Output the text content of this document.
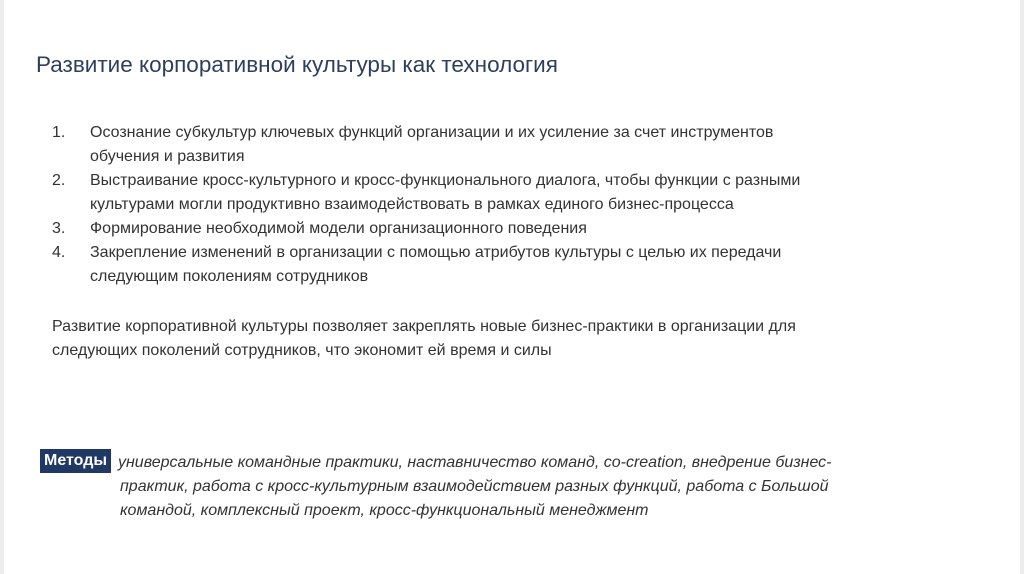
Развитие корпоративной культуры как технология
1. Осознание субкультур ключевых функций организации и их усиление за счет инструментов
обучения и развития
2. Выстраивание кросс-культурного и кросс-функционального диалога, чтобы функции с разными
культурами могли продуктивно взаимодействовать в рамках единого бизнес-процесса
3. Формирование необходимой модели организационного поведения
4. Закрепление изменений в организации с помощью атрибутов культуры с целью их передачи
следующим поколениям сотрудников
Развитие корпоративной культуры позволяет закреплять новые бизнес-практики в организации для
следующих поколений сотрудников, что экономит ей время и силы
Методы универсальные командные практики, наставничество команд, co-creation, внедрение бизнес-
практик, работа с кросс-культурным взаимодействием разных функций, работа с Большой
командой, комплексный проект, кросс-функциональный менеджмент
